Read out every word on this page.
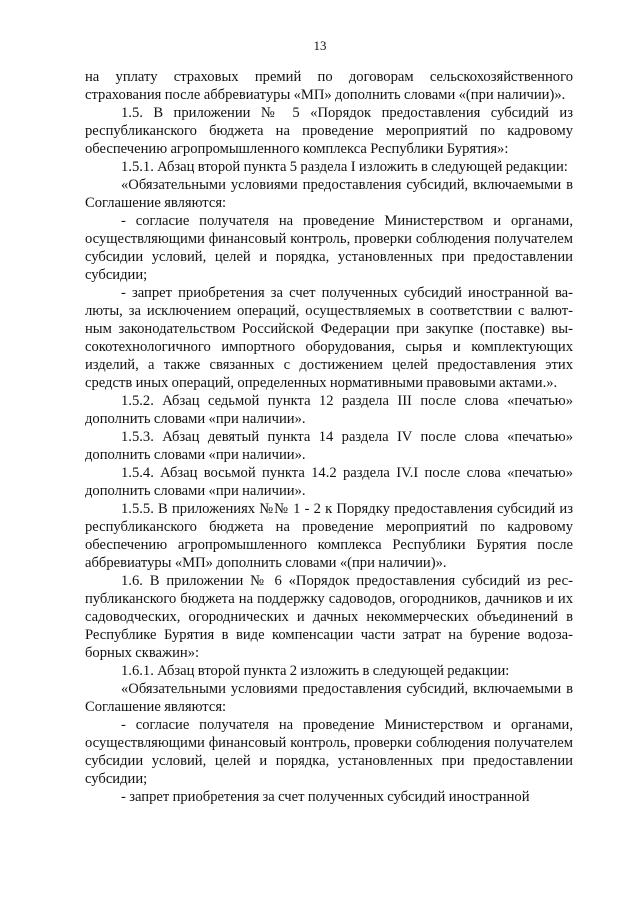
13

на уплату страховых премий по договорам сельскохозяйственного страхования после аббревиатуры «МП» дополнить словами «(при наличии)».

1.5. В приложении № 5 «Порядок предоставления субсидий из республиканского бюджета на проведение мероприятий по кадровому обеспечению агропромышленного комплекса Республики Бурятия»:

1.5.1. Абзац второй пункта 5 раздела I изложить в следующей редакции:

«Обязательными условиями предоставления субсидий, включаемыми в Соглашение являются:

- согласие получателя на проведение Министерством и органами, осуществляющими финансовый контроль, проверки соблюдения получателем субсидии условий, целей и порядка, установленных при предоставлении субсидии;

- запрет приобретения за счет полученных субсидий иностранной валюты, за исключением операций, осуществляемых в соответствии с валютным законодательством Российской Федерации при закупке (поставке) высокотехнологичного импортного оборудования, сырья и комплектующих изделий, а также связанных с достижением целей предоставления этих средств иных операций, определенных нормативными правовыми актами.».

1.5.2. Абзац седьмой пункта 12 раздела III после слова «печатью» дополнить словами «при наличии».

1.5.3. Абзац девятый пункта 14 раздела IV после слова «печатью» дополнить словами «при наличии».

1.5.4. Абзац восьмой пункта 14.2 раздела IV.I после слова «печатью» дополнить словами «при наличии».

1.5.5. В приложениях №№ 1 - 2 к Порядку предоставления субсидий из республиканского бюджета на проведение мероприятий по кадровому обеспечению агропромышленного комплекса Республики Бурятия после аббревиатуры «МП» дополнить словами «(при наличии)».

1.6. В приложении № 6 «Порядок предоставления субсидий из республиканского бюджета на поддержку садоводов, огородников, дачников и их садоводческих, огороднических и дачных некоммерческих объединений в Республике Бурятия в виде компенсации части затрат на бурение водозаборных скважин»:

1.6.1. Абзац второй пункта 2 изложить в следующей редакции:

«Обязательными условиями предоставления субсидий, включаемыми в Соглашение являются:

- согласие получателя на проведение Министерством и органами, осуществляющими финансовый контроль, проверки соблюдения получателем субсидии условий, целей и порядка, установленных при предоставлении субсидии;

- запрет приобретения за счет полученных субсидий иностранной
